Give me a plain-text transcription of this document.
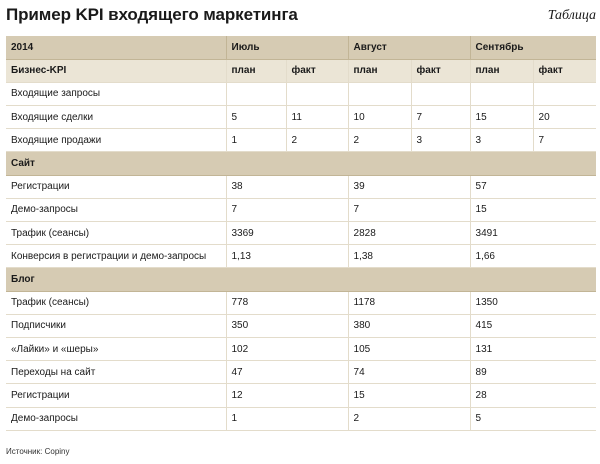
Пример KPI входящего маркетинга	Таблица
2014	Июль		Август		Сентябрь	
Бизнес-KPI	план	факт	план	факт	план	факт
Входящие запросы						
Входящие сделки	5	11	10	7	15	20
Входящие продажи	1	2	2	3	3	7
Сайт						
Регистрации	38		39		57	
Демо-запросы	7		7		15	
Трафик (сеансы)	3369		2828		3491	
Конверсия в регистрации и демо-запросы	1,13		1,38		1,66	
Блог						
Трафик (сеансы)	778		1178		1350	
Подписчики	350		380		415	
«Лайки» и «шеры»	102		105		131	
Переходы на сайт	47		74		89	
Регистрации	12		15		28	
Демо-запросы	1		2		5	
Источник: Copiny
